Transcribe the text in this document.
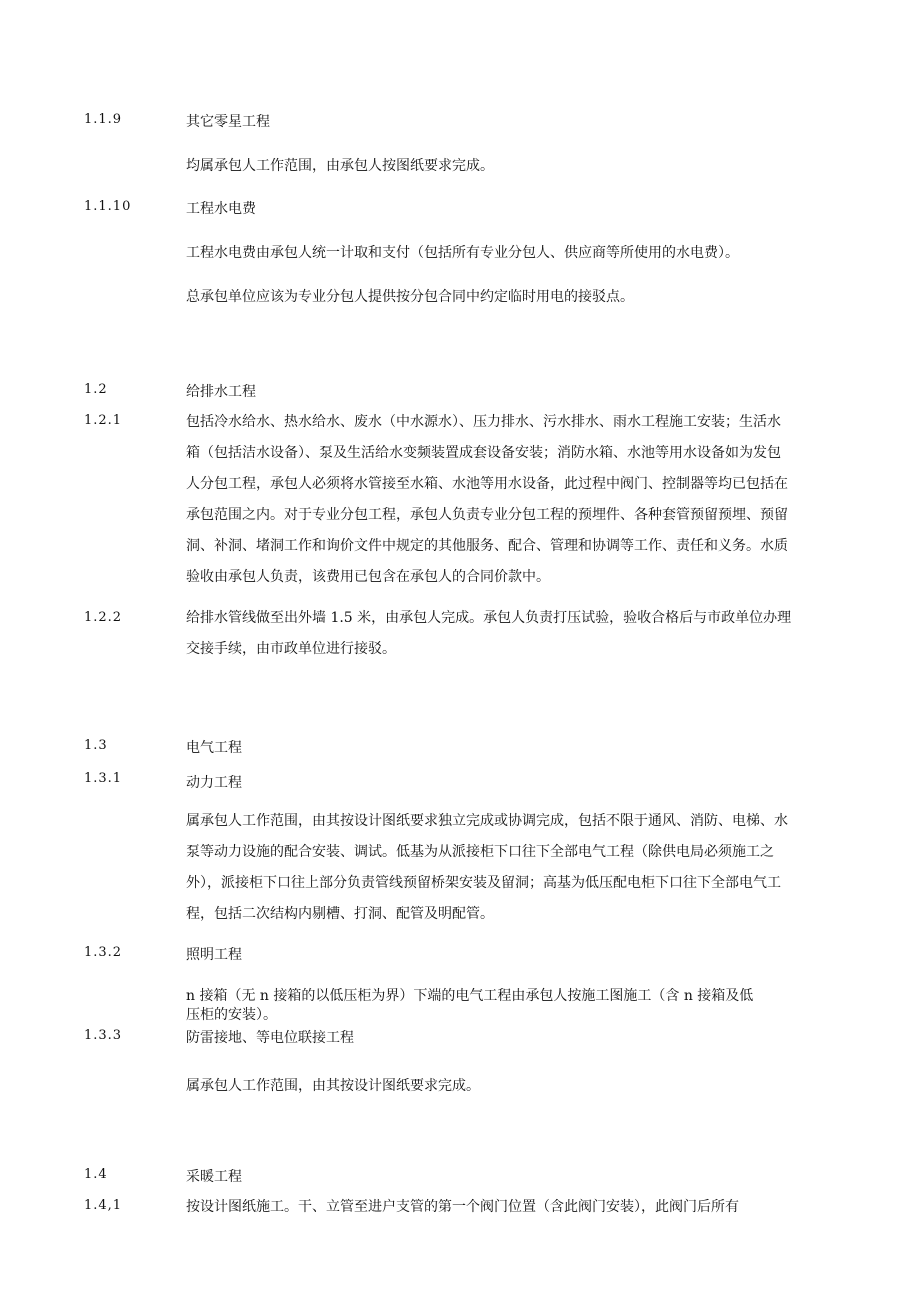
1.1.9	其它零星工程
均属承包人工作范围，由承包人按图纸要求完成。
1.1.10	工程水电费
工程水电费由承包人统一计取和支付（包括所有专业分包人、供应商等所使用的水电费）。
总承包单位应该为专业分包人提供按分包合同中约定临时用电的接驳点。
1.2	给排水工程
1.2.1	包括冷水给水、热水给水、废水（中水源水）、压力排水、污水排水、雨水工程施工安装；生活水
箱（包括洁水设备）、泵及生活给水变频装置成套设备安装；消防水箱、水池等用水设备如为发包
人分包工程，承包人必须将水管接至水箱、水池等用水设备，此过程中阀门、控制器等均已包括在
承包范围之内。对于专业分包工程，承包人负责专业分包工程的预埋件、各种套管预留预埋、预留
洞、补洞、堵洞工作和询价文件中规定的其他服务、配合、管理和协调等工作、责任和义务。水质
验收由承包人负责，该费用已包含在承包人的合同价款中。
1.2.2	给排水管线做至出外墙 1.5 米，由承包人完成。承包人负责打压试验，验收合格后与市政单位办理
交接手续，由市政单位进行接驳。
1.3	电气工程
1.3.1	动力工程
属承包人工作范围，由其按设计图纸要求独立完成或协调完成，包括不限于通风、消防、电梯、水
泵等动力设施的配合安装、调试。低基为从派接柜下口往下全部电气工程（除供电局必须施工之
外），派接柜下口往上部分负责管线预留桥架安装及留洞；高基为低压配电柜下口往下全部电气工
程，包括二次结构内剔槽、打洞、配管及明配管。
1.3.2	照明工程
n 接箱（无 n 接箱的以低压柜为界）下端的电气工程由承包人按施工图施工（含 n 接箱及低
压柜的安装）。
1.3.3	防雷接地、等电位联接工程
属承包人工作范围，由其按设计图纸要求完成。
1.4	采暖工程
1.4,1	按设计图纸施工。干、立管至进户支管的第一个阀门位置（含此阀门安装），此阀门后所有
